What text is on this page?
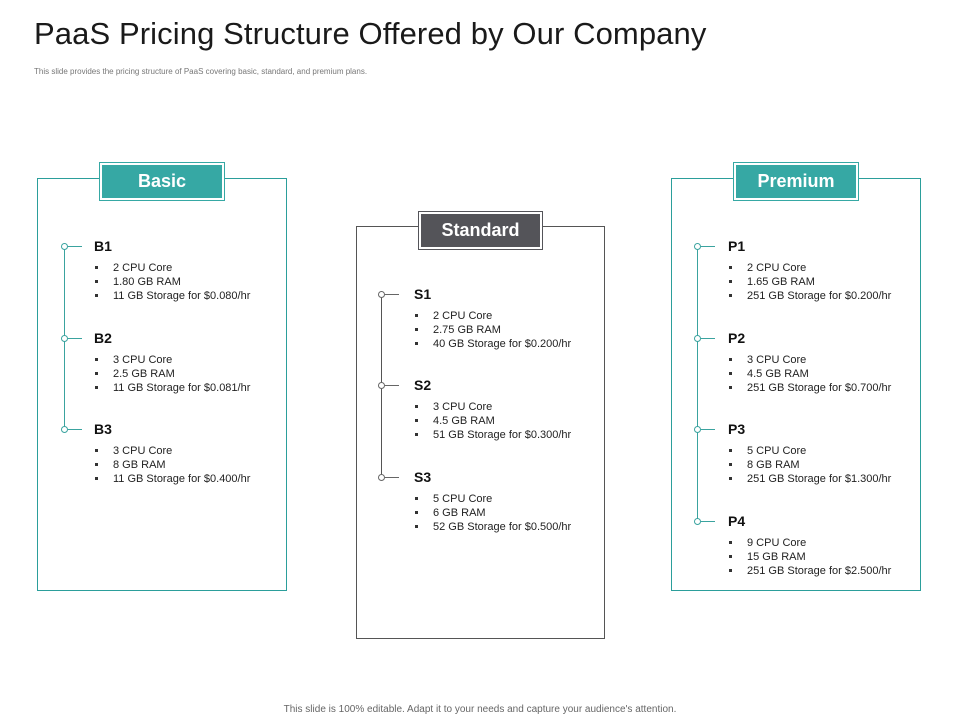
PaaS Pricing Structure Offered by Our Company
This slide provides the pricing structure of PaaS covering basic, standard, and premium plans.
Basic
Standard
Premium
B1
2 CPU Core
1.80 GB RAM
11 GB Storage for $0.080/hr
B2
3 CPU Core
2.5 GB RAM
11 GB Storage for $0.081/hr
B3
3 CPU Core
8 GB RAM
11 GB Storage for $0.400/hr
S1
2 CPU Core
2.75 GB RAM
40 GB Storage for $0.200/hr
S2
3 CPU Core
4.5 GB RAM
51 GB Storage for $0.300/hr
S3
5 CPU Core
6 GB RAM
52 GB Storage for $0.500/hr
P1
2 CPU Core
1.65 GB RAM
251 GB Storage for $0.200/hr
P2
3 CPU Core
4.5 GB RAM
251 GB Storage for $0.700/hr
P3
5 CPU Core
8 GB RAM
251 GB Storage for $1.300/hr
P4
9 CPU Core
15 GB RAM
251 GB Storage for $2.500/hr
This slide is 100% editable. Adapt it to your needs and capture your audience's attention.
